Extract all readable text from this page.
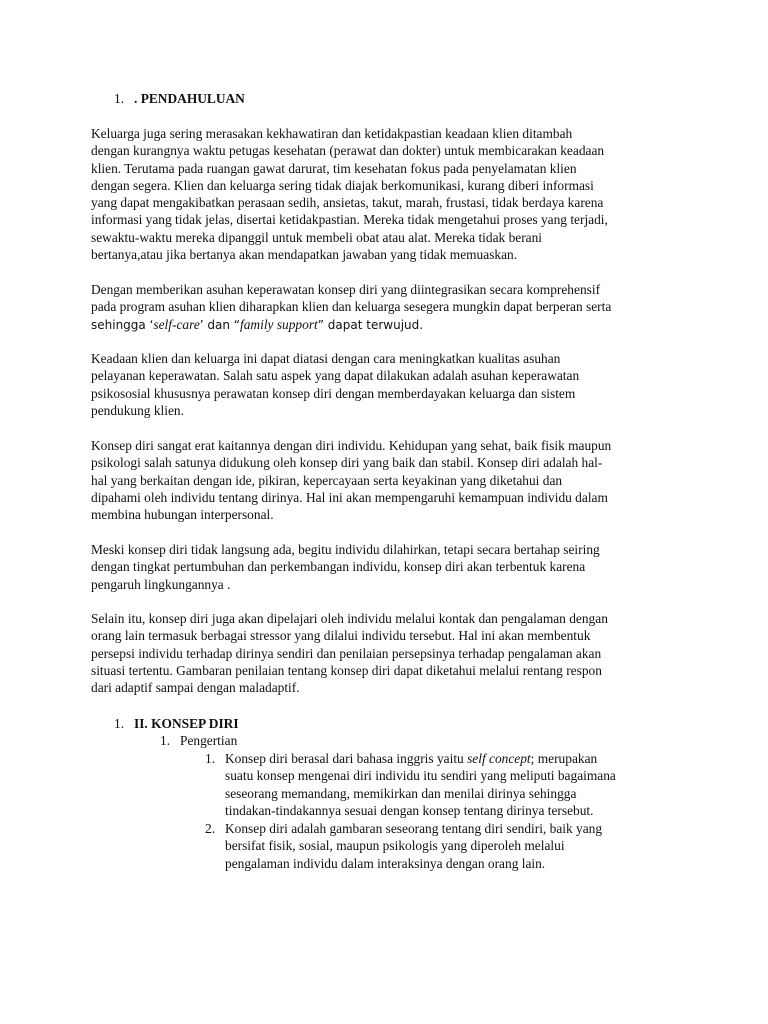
1. . PENDAHULUAN

Keluarga juga sering merasakan kekhawatiran dan ketidakpastian keadaan klien ditambah

dengan kurangnya waktu petugas kesehatan (perawat dan dokter) untuk membicarakan keadaan

klien. Terutama pada ruangan gawat darurat, tim kesehatan fokus pada penyelamatan klien

dengan segera. Klien dan keluarga sering tidak diajak berkomunikasi, kurang diberi informasi

yang dapat mengakibatkan perasaan sedih, ansietas, takut, marah, frustasi, tidak berdaya karena

informasi yang tidak jelas, disertai ketidakpastian. Mereka tidak mengetahui proses yang terjadi,

sewaktu-waktu mereka dipanggil untuk membeli obat atau alat. Mereka tidak berani

bertanya,atau jika bertanya akan mendapatkan jawaban yang tidak memuaskan.

Dengan memberikan asuhan keperawatan konsep diri yang diintegrasikan secara komprehensif

pada program asuhan klien diharapkan klien dan keluarga sesegera mungkin dapat berperan serta

sehingga ‘self-care’ dan “family support” dapat terwujud.

Keadaan klien dan keluarga ini dapat diatasi dengan cara meningkatkan kualitas asuhan

pelayanan keperawatan. Salah satu aspek yang dapat dilakukan adalah asuhan keperawatan

psikososial khususnya perawatan konsep diri dengan memberdayakan keluarga dan sistem

pendukung klien.

Konsep diri sangat erat kaitannya dengan diri individu. Kehidupan yang sehat, baik fisik maupun

psikologi salah satunya didukung oleh konsep diri yang baik dan stabil. Konsep diri adalah hal-

hal yang berkaitan dengan ide, pikiran, kepercayaan serta keyakinan yang diketahui dan

dipahami oleh individu tentang dirinya. Hal ini akan mempengaruhi kemampuan individu dalam

membina hubungan interpersonal.

Meski konsep diri tidak langsung ada, begitu individu dilahirkan, tetapi secara bertahap seiring

dengan tingkat pertumbuhan dan perkembangan individu, konsep diri akan terbentuk karena

pengaruh lingkungannya .

Selain itu, konsep diri juga akan dipelajari oleh individu melalui kontak dan pengalaman dengan

orang lain termasuk berbagai stressor yang dilalui individu tersebut. Hal ini akan membentuk

persepsi individu terhadap dirinya sendiri dan penilaian persepsinya terhadap pengalaman akan

situasi tertentu. Gambaran penilaian tentang konsep diri dapat diketahui melalui rentang respon

dari adaptif sampai dengan maladaptif.

1. II. KONSEP DIRI
1. Pengertian
1. Konsep diri berasal dari bahasa inggris yaitu self concept; merupakan

suatu konsep mengenai diri individu itu sendiri yang meliputi bagaimana

seseorang memandang, memikirkan dan menilai dirinya sehingga

tindakan-tindakannya sesuai dengan konsep tentang dirinya tersebut.

2. Konsep diri adalah gambaran seseorang tentang diri sendiri, baik yang

bersifat fisik, sosial, maupun psikologis yang diperoleh melalui

pengalaman individu dalam interaksinya dengan orang lain.
